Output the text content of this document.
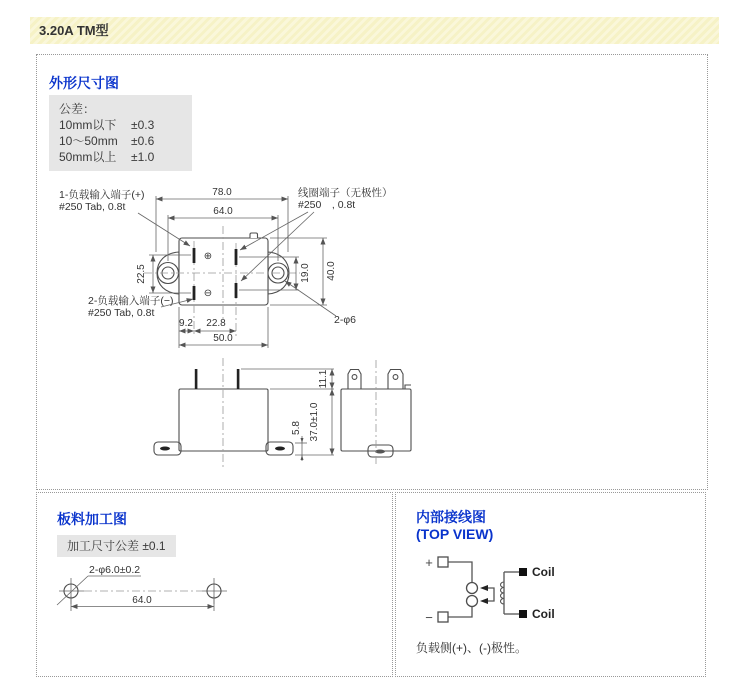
3.20A TM型
外形尺寸图
公差：
10mm以下 ±0.3
10～50mm ±0.6
50mm以上 ±1.0
⊕
⊖
78.0
64.0
22.5	19.0 40.0
9.2 22.8
50.0
1-负载输入端子(+)
#250 Tab, 0.8t
线圈端子（无极性）
#250　, 0.8t
2-负载输入端子(−)
#250 Tab, 0.8t
2-φ6
11.1
37.0±1.0
5.8
板料加工图
加工尺寸公差 ±0.1
2-φ6.0±0.2
64.0
内部接线图
(TOP VIEW)
+
−
Coil
Coil
负载侧(+)、(-)极性。
